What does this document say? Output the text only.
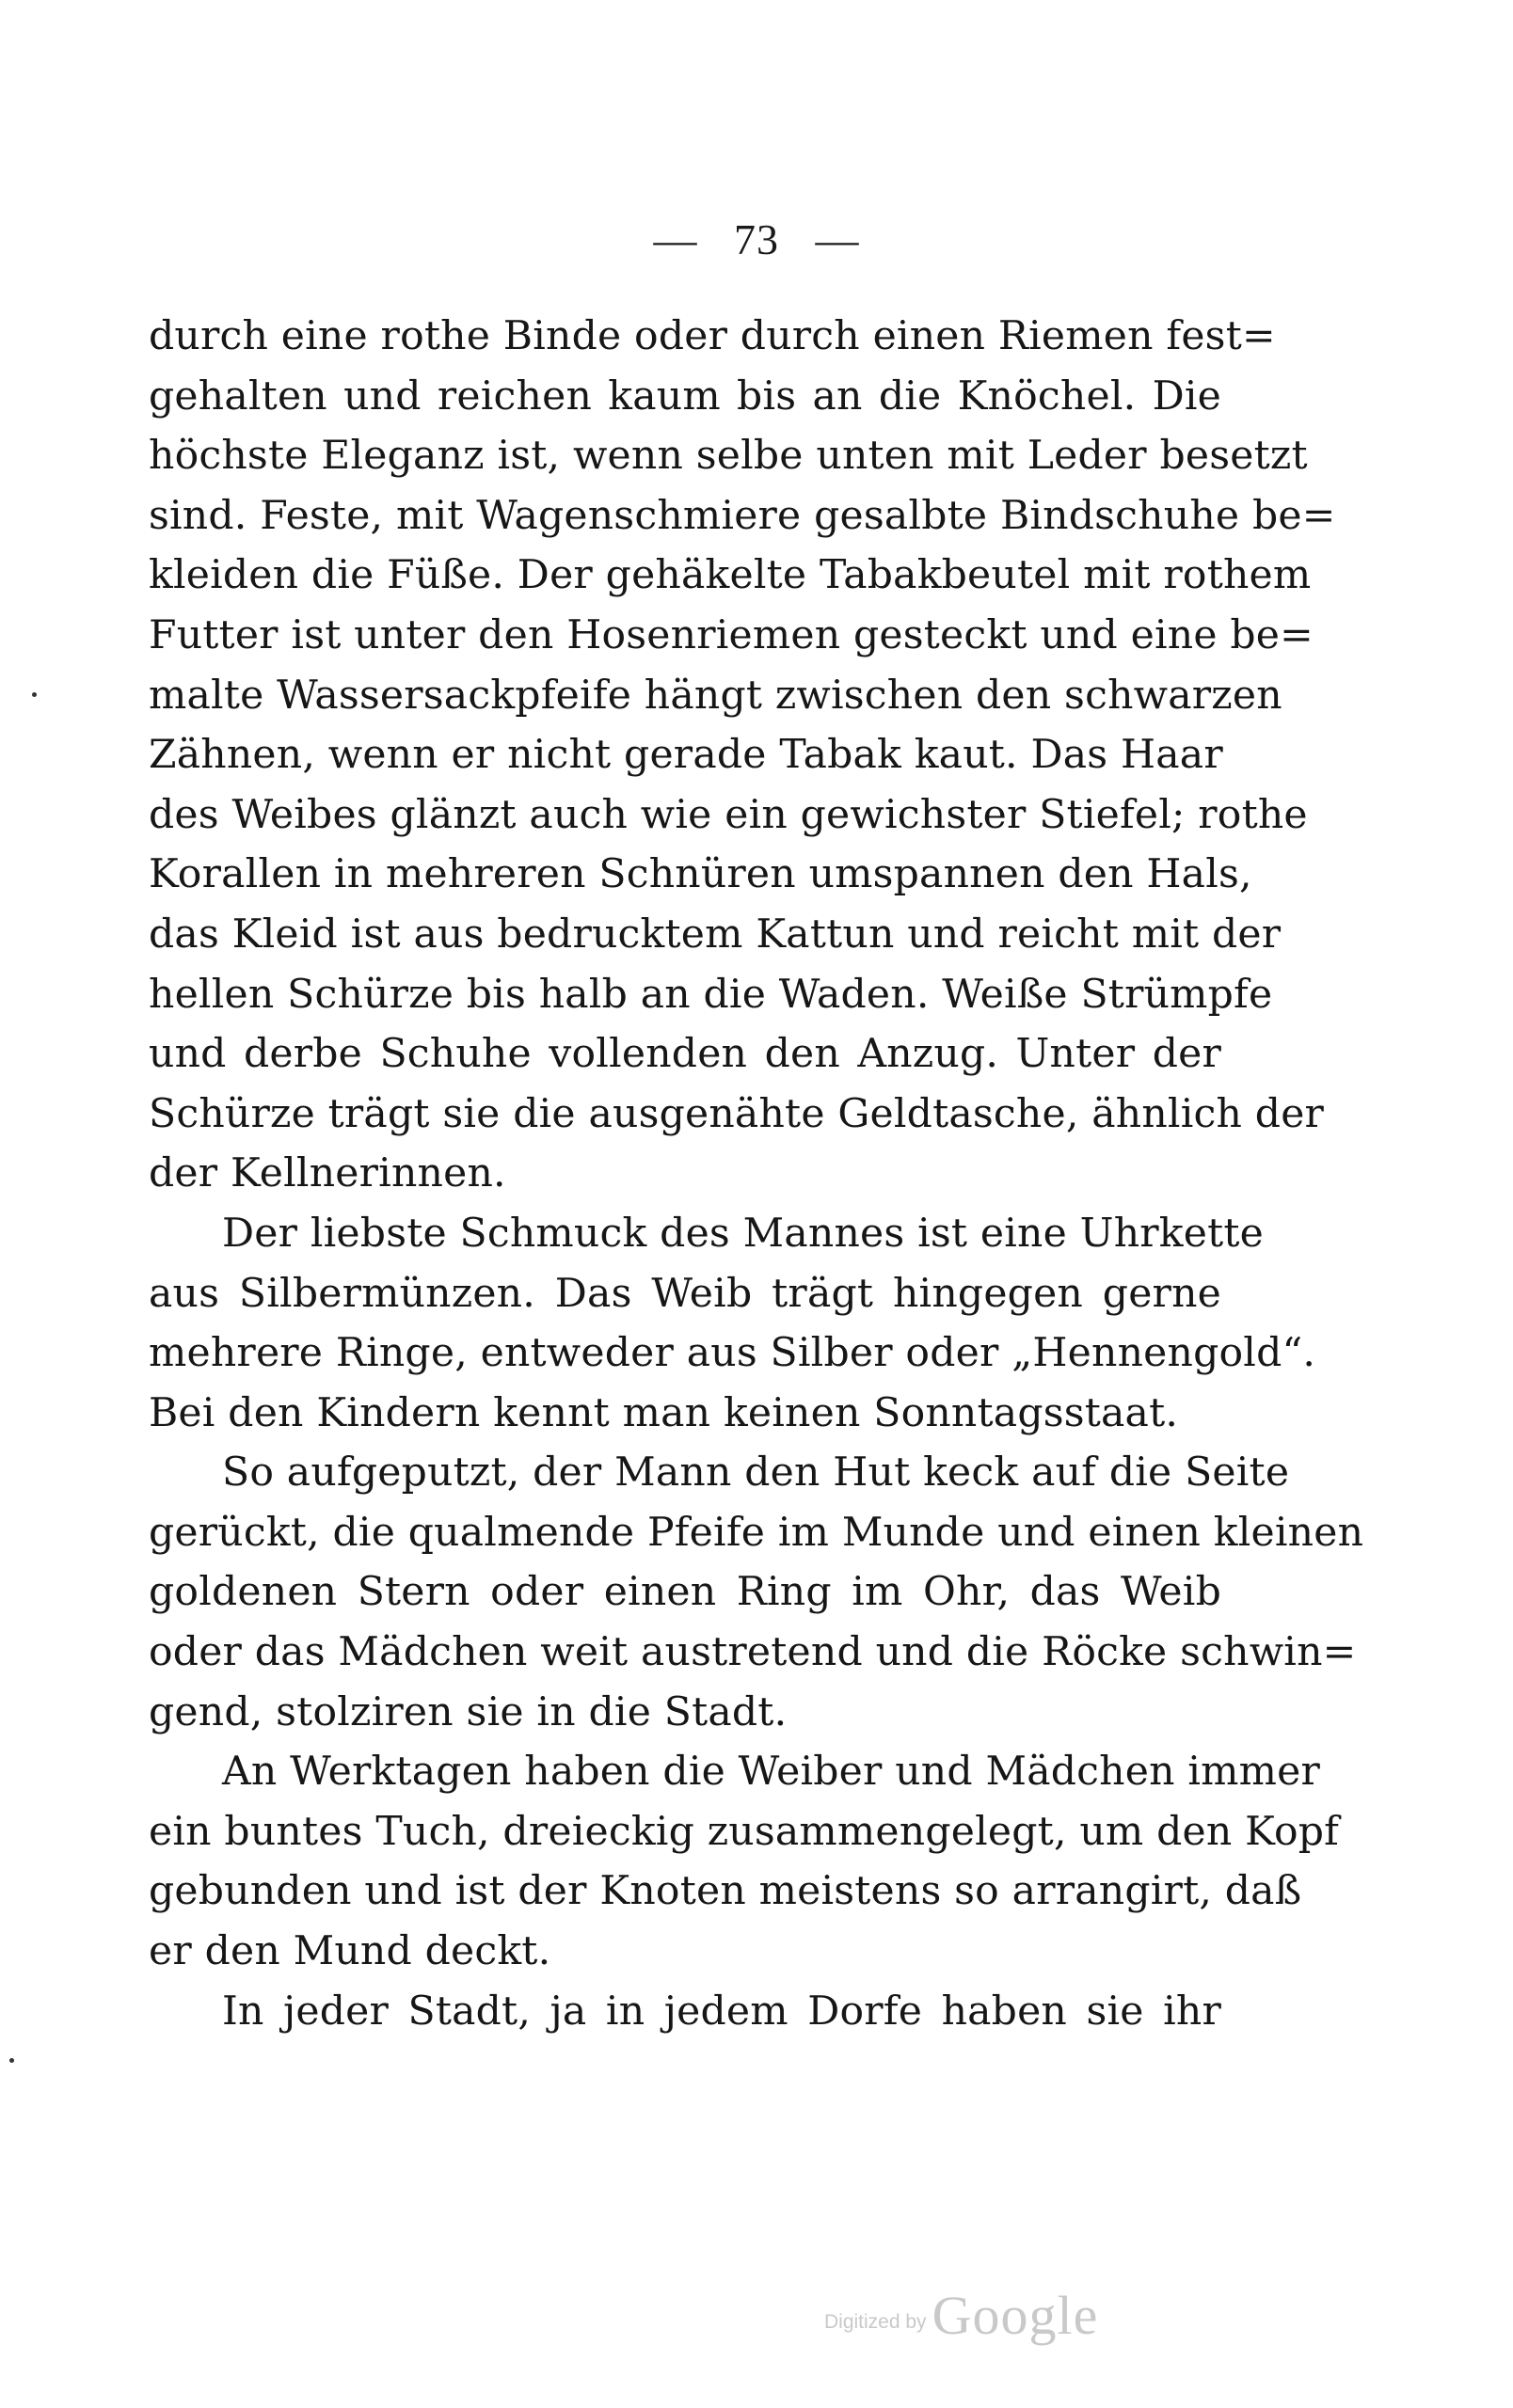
— 73 —
durch eine rothe Binde oder durch einen Riemen fest=
gehalten und reichen kaum bis an die Knöchel. Die
höchste Eleganz ist, wenn selbe unten mit Leder besetzt
sind. Feste, mit Wagenschmiere gesalbte Bindschuhe be=
kleiden die Füße. Der gehäkelte Tabakbeutel mit rothem
Futter ist unter den Hosenriemen gesteckt und eine be=
malte Wassersackpfeife hängt zwischen den schwarzen
Zähnen, wenn er nicht gerade Tabak kaut. Das Haar
des Weibes glänzt auch wie ein gewichster Stiefel; rothe
Korallen in mehreren Schnüren umspannen den Hals,
das Kleid ist aus bedrucktem Kattun und reicht mit der
hellen Schürze bis halb an die Waden. Weiße Strümpfe
und derbe Schuhe vollenden den Anzug. Unter der
Schürze trägt sie die ausgenähte Geldtasche, ähnlich der
der Kellnerinnen.
Der liebste Schmuck des Mannes ist eine Uhrkette
aus Silbermünzen. Das Weib trägt hingegen gerne
mehrere Ringe, entweder aus Silber oder „Hennengold“.
Bei den Kindern kennt man keinen Sonntagsstaat.
So aufgeputzt, der Mann den Hut keck auf die Seite
gerückt, die qualmende Pfeife im Munde und einen kleinen
goldenen Stern oder einen Ring im Ohr, das Weib
oder das Mädchen weit austretend und die Röcke schwin=
gend, stolziren sie in die Stadt.
An Werktagen haben die Weiber und Mädchen immer
ein buntes Tuch, dreieckig zusammengelegt, um den Kopf
gebunden und ist der Knoten meistens so arrangirt, daß
er den Mund deckt.
In jeder Stadt, ja in jedem Dorfe haben sie ihr
Digitized by Google
